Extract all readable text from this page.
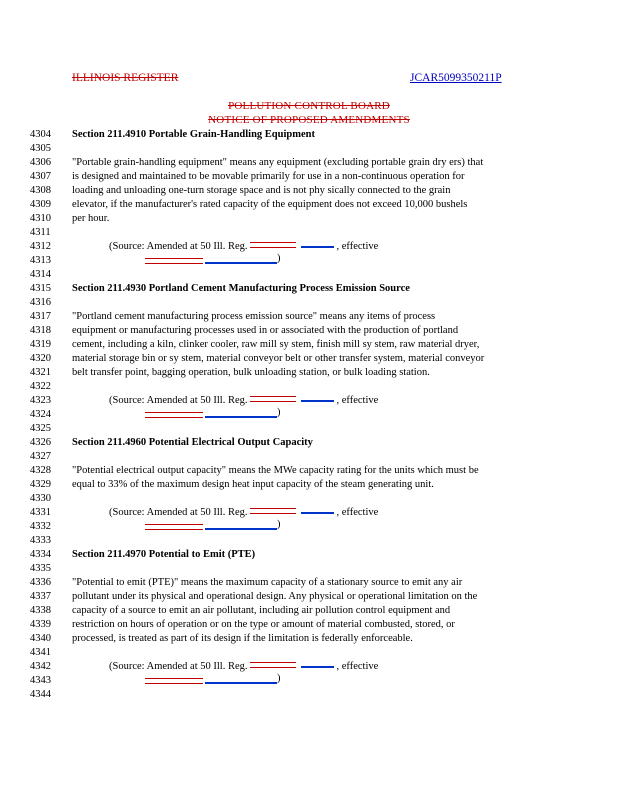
ILLINOIS REGISTER	JCAR5099350211P
POLLUTION CONTROL BOARD
NOTICE OF PROPOSED AMENDMENTS
4304
4305
4306
4307
4308
4309
4310
4311
4312
4313
4314
4315
4316
4317
4318
4319
4320
4321
4322
4323
4324
4325
4326
4327
4328
4329
4330
4331
4332
4333
4334
4335
4336
4337
4338
4339
4340
4341
4342
4343
4344
Section 211.4910 Portable Grain-Handling Equipment
"Portable grain-handling equipment" means any equipment (excluding portable grain dry ers) that
is designed and maintained to be movable primarily for use in a non-continuous operation for
loading and unloading one-turn storage space and is not phy sically connected to the grain
elevator, if the manufacturer's rated capacity of the equipment does not exceed 10,000 bushels
per hour.
(Source: Amended at 50 Ill. Reg.	, effective
)
Section 211.4930 Portland Cement Manufacturing Process Emission Source
"Portland cement manufacturing process emission source" means any items of process
equipment or manufacturing processes used in or associated with the production of portland
cement, including a kiln, clinker cooler, raw mill sy stem, finish mill sy stem, raw material dryer,
material storage bin or sy stem, material conveyor belt or other transfer system, material conveyor
belt transfer point, bagging operation, bulk unloading station, or bulk loading station.
(Source: Amended at 50 Ill. Reg.	, effective
)
Section 211.4960 Potential Electrical Output Capacity
"Potential electrical output capacity" means the MWe capacity rating for the units which must be
equal to 33% of the maximum design heat input capacity of the steam generating unit.
(Source: Amended at 50 Ill. Reg.	, effective
)
Section 211.4970 Potential to Emit (PTE)
"Potential to emit (PTE)" means the maximum capacity of a stationary source to emit any air
pollutant under its physical and operational design. Any physical or operational limitation on the
capacity of a source to emit an air pollutant, including air pollution control equipment and
restriction on hours of operation or on the type or amount of material combusted, stored, or
processed, is treated as part of its design if the limitation is federally enforceable.
(Source: Amended at 50 Ill. Reg.	, effective
)
